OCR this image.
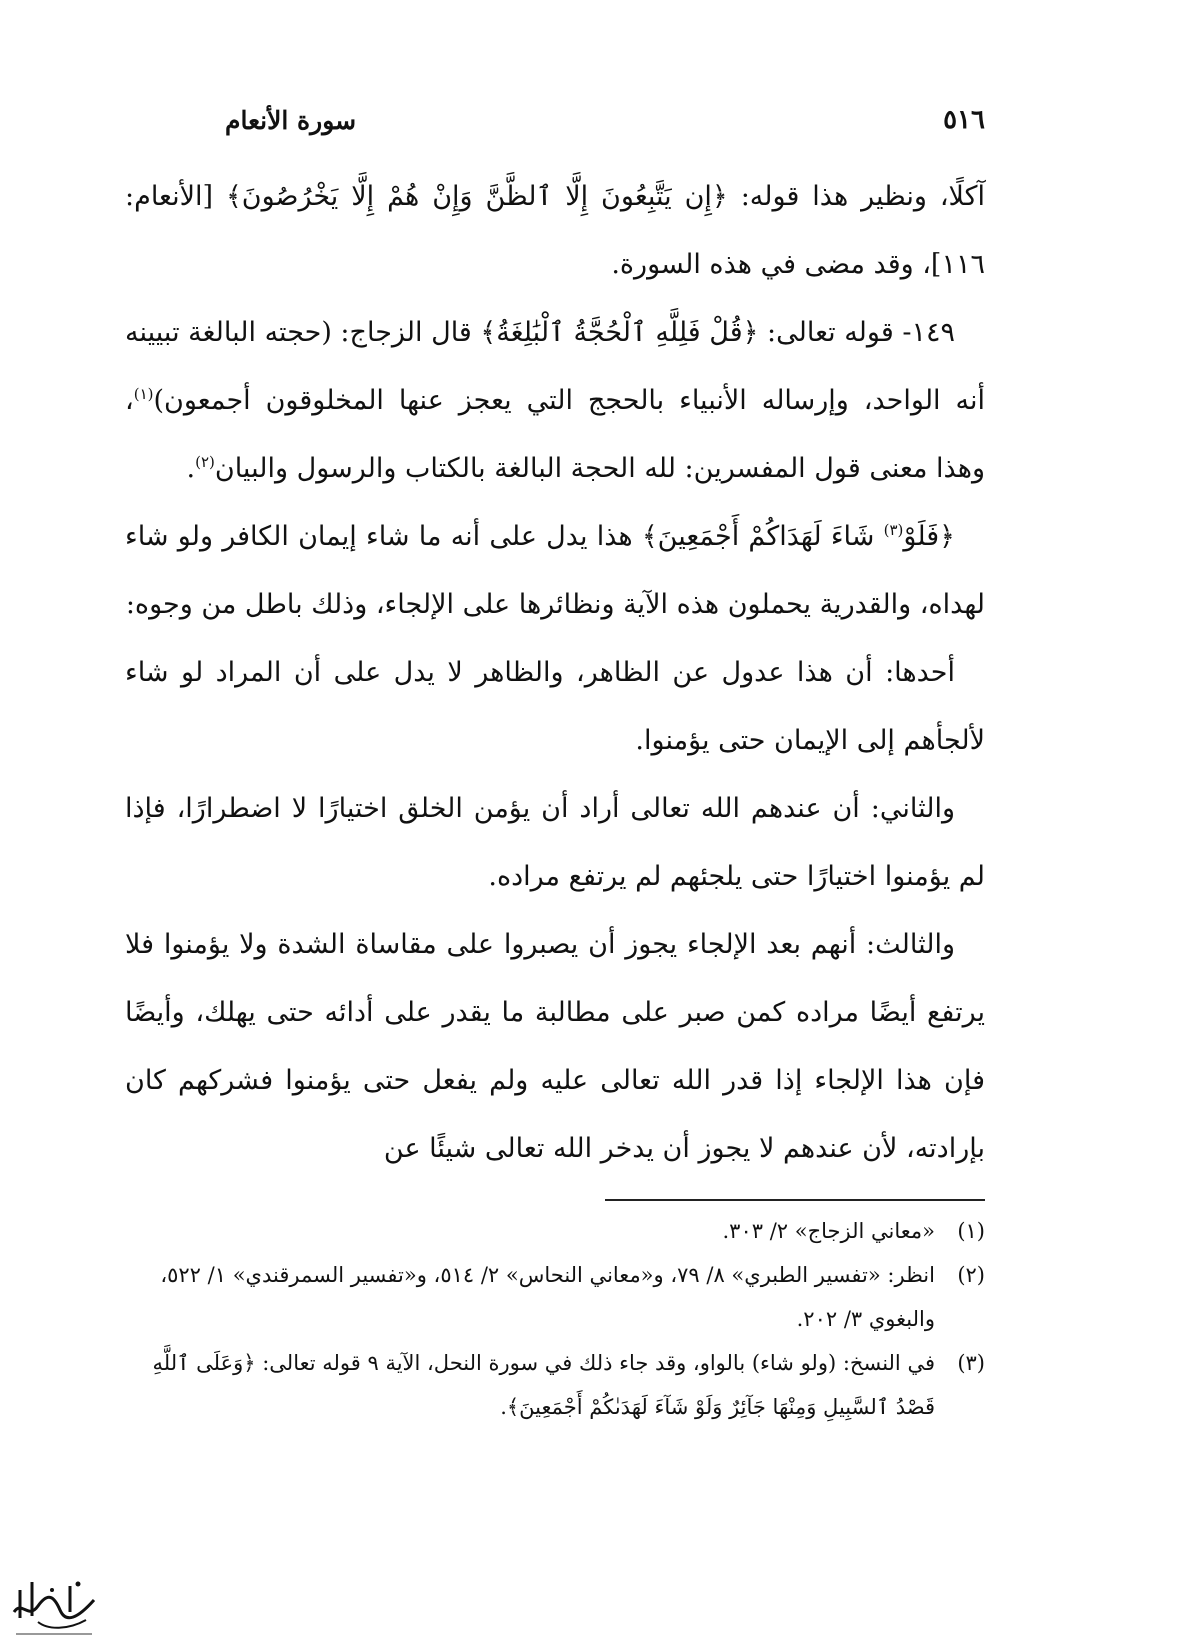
٥١٦
سورة الأنعام

آكلًا، ونظير هذا قوله: ﴿إِن يَتَّبِعُونَ إِلَّا ٱلظَّنَّ وَإِنْ هُمْ إِلَّا يَخْرُصُونَ﴾ [الأنعام: ١١٦]، وقد مضى في هذه السورة.

١٤٩- قوله تعالى: ﴿قُلْ فَلِلَّهِ ٱلْحُجَّةُ ٱلْبَٰلِغَةُ﴾ قال الزجاج: (حجته البالغة تبيينه أنه الواحد، وإرساله الأنبياء بالحجج التي يعجز عنها المخلوقون أجمعون)$^{(١)}$، وهذا معنى قول المفسرين: لله الحجة البالغة بالكتاب والرسول والبيان$^{(٢)}$.

﴿فَلَوْ$^{(٣)}$ شَاءَ لَهَدَاكُمْ أَجْمَعِينَ﴾ هذا يدل على أنه ما شاء إيمان الكافر ولو شاء لهداه، والقدرية يحملون هذه الآية ونظائرها على الإلجاء، وذلك باطل من وجوه:

أحدها: أن هذا عدول عن الظاهر، والظاهر لا يدل على أن المراد لو شاء لألجأهم إلى الإيمان حتى يؤمنوا.

والثاني: أن عندهم الله تعالى أراد أن يؤمن الخلق اختيارًا لا اضطرارًا، فإذا لم يؤمنوا اختيارًا حتى يلجئهم لم يرتفع مراده.

والثالث: أنهم بعد الإلجاء يجوز أن يصبروا على مقاساة الشدة ولا يؤمنوا فلا يرتفع أيضًا مراده كمن صبر على مطالبة ما يقدر على أدائه حتى يهلك، وأيضًا فإن هذا الإلجاء إذا قدر الله تعالى عليه ولم يفعل حتى يؤمنوا فشركهم كان بإرادته، لأن عندهم لا يجوز أن يدخر الله تعالى شيئًا عن

(١)
«معاني الزجاج» ٢/ ٣٠٣.
(٢)
انظر: «تفسير الطبري» ٨/ ٧٩، و«معاني النحاس» ٢/ ٥١٤، و«تفسير السمرقندي» ١/ ٥٢٢، والبغوي ٣/ ٢٠٢.
(٣)
في النسخ: (ولو شاء) بالواو، وقد جاء ذلك في سورة النحل، الآية ٩ قوله تعالى: ﴿وَعَلَى ٱللَّهِ قَصْدُ ٱلسَّبِيلِ وَمِنْهَا جَآئِرٌ وَلَوْ شَآءَ لَهَدَىٰكُمْ أَجْمَعِينَ﴾.
